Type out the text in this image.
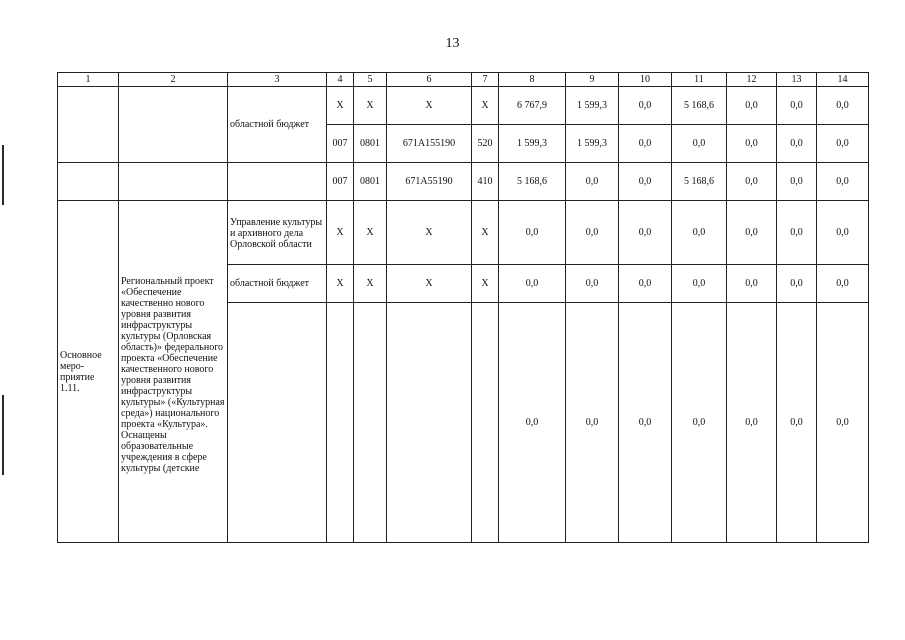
13
1	2	3	4	5	6	7	8	9	10	11	12	13	14
		областной бюджет	X	X	X	X	6 767,9	1 599,3	0,0	5 168,6	0,0	0,0	0,0
			007	0801	671A155190	520	1 599,3	1 599,3	0,0	0,0	0,0	0,0	0,0
			007	0801	671A55190	410	5 168,6	0,0	0,0	5 168,6	0,0	0,0	0,0
Основное меро-приятие 1.11.	Региональный проект «Обеспечение качественно нового уровня развития инфраструктуры культуры (Орловская область)» федерального проекта «Обеспечение качественного нового уровня развития инфраструктуры культуры» («Культурная среда») национального проекта «Культура». Оснащены образовательные учреждения в сфере культуры (детские	Управление культуры и архивного дела Орловской области	X	X	X	X	0,0	0,0	0,0	0,0	0,0	0,0	0,0
		областной бюджет	X	X	X	X	0,0	0,0	0,0	0,0	0,0	0,0	0,0
							0,0	0,0	0,0	0,0	0,0	0,0	0,0
